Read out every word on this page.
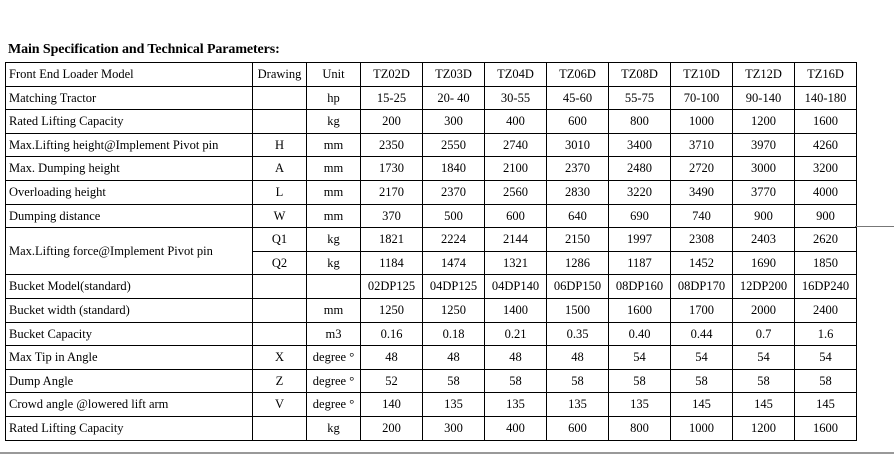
Main Specification and Technical Parameters:
Front End Loader Model	Drawing	Unit	TZ02D	TZ03D	TZ04D	TZ06D	TZ08D	TZ10D	TZ12D	TZ16D
Matching Tractor		hp	15-25	20- 40	30-55	45-60	55-75	70-100	90-140	140-180
Rated Lifting Capacity		kg	200	300	400	600	800	1000	1200	1600
Max.Lifting height@Implement Pivot pin	H	mm	2350	2550	2740	3010	3400	3710	3970	4260
Max. Dumping height	A	mm	1730	1840	2100	2370	2480	2720	3000	3200
Overloading height	L	mm	2170	2370	2560	2830	3220	3490	3770	4000
Dumping distance	W	mm	370	500	600	640	690	740	900	900
Max.Lifting force@Implement Pivot pin	Q1	kg	1821	2224	2144	2150	1997	2308	2403	2620
	Q2	kg	1184	1474	1321	1286	1187	1452	1690	1850
Bucket Model(standard)			02DP125	04DP125	04DP140	06DP150	08DP160	08DP170	12DP200	16DP240
Bucket width (standard)		mm	1250	1250	1400	1500	1600	1700	2000	2400
Bucket Capacity		m3	0.16	0.18	0.21	0.35	0.40	0.44	0.7	1.6
Max Tip in Angle	X	degree °	48	48	48	48	54	54	54	54
Dump Angle	Z	degree °	52	58	58	58	58	58	58	58
Crowd angle @lowered lift arm	V	degree °	140	135	135	135	135	145	145	145
Rated Lifting Capacity		kg	200	300	400	600	800	1000	1200	1600
